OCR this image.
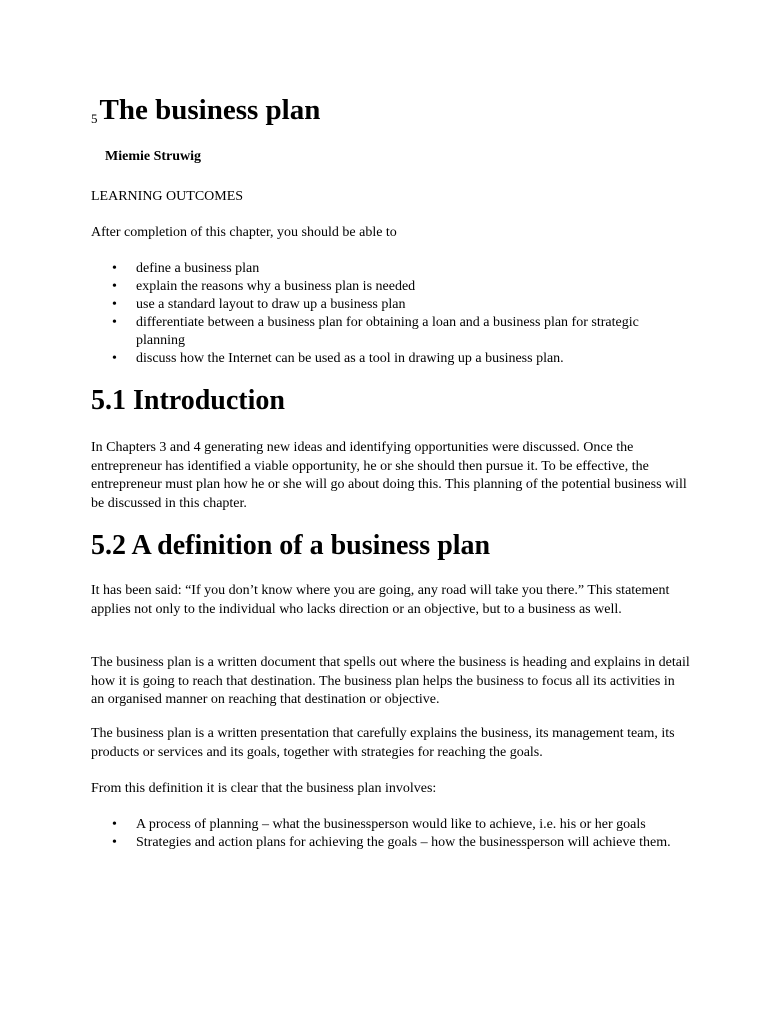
$_5$The business plan
Miemie Struwig

LEARNING OUTCOMES

After completion of this chapter, you should be able to

• define a business plan
• explain the reasons why a business plan is needed
• use a standard layout to draw up a business plan
• differentiate between a business plan for obtaining a loan and a business plan for strategic planning
• discuss how the Internet can be used as a tool in drawing up a business plan.
5.1 Introduction

In Chapters 3 and 4 generating new ideas and identifying opportunities were discussed. Once the entrepreneur has identified a viable opportunity, he or she should then pursue it. To be effective, the entrepreneur must plan how he or she will go about doing this. This planning of the potential business will be discussed in this chapter.

5.2 A definition of a business plan

It has been said: “If you don’t know where you are going, any road will take you there.” This statement applies not only to the individual who lacks direction or an objective, but to a business as well.

The business plan is a written document that spells out where the business is heading and explains in detail how it is going to reach that destination. The business plan helps the business to focus all its activities in an organised manner on reaching that destination or objective.

The business plan is a written presentation that carefully explains the business, its management team, its products or services and its goals, together with strategies for reaching the goals.

From this definition it is clear that the business plan involves:

• A process of planning – what the businessperson would like to achieve, i.e. his or her goals
• Strategies and action plans for achieving the goals – how the businessperson will achieve them.
